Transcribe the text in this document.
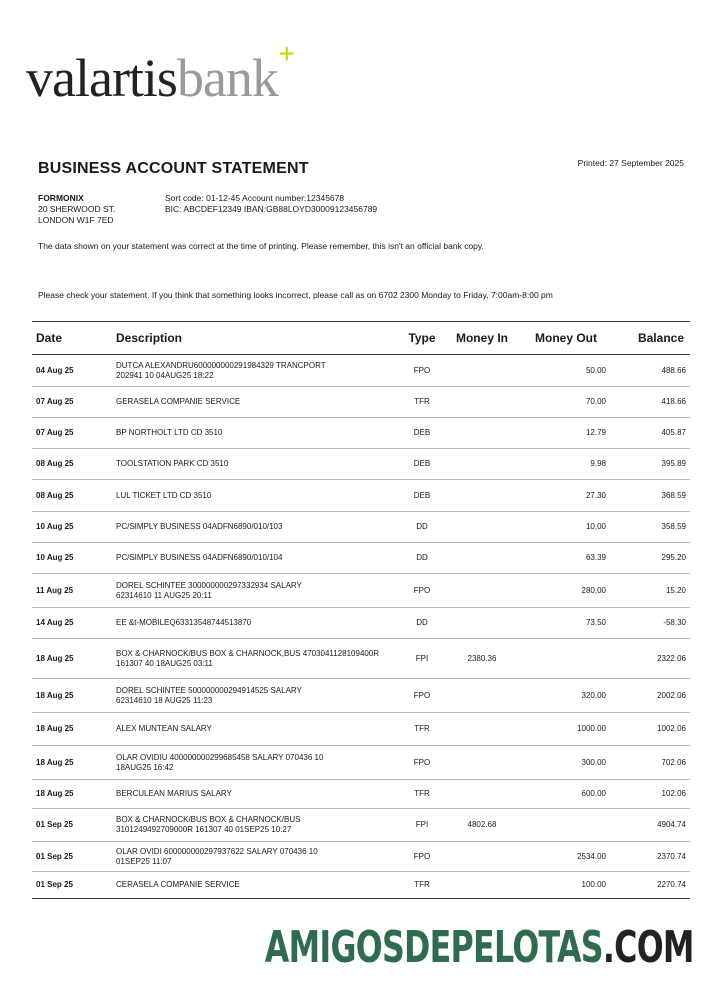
valartisbank +
BUSINESS ACCOUNT STATEMENT	Printed: 27 September 2025
FORMONIX
20 SHERWOOD ST.
LONDON W1F 7ED
Sort code: 01-12-45 Account number:12345678
BIC: ABCDEF12349 IBAN:GB88LOYD30009123456789
The data shown on your statement was correct at the time of printing. Please remember, this isn't an official bank copy.
Please check your statement. If you think that something looks incorrect, please call as on 6702 2300 Monday to Friday, 7:00am-8:00 pm
Date	Description	Type	Money In	Money Out	Balance
04 Aug 25	DUTCA ALEXANDRU600000000291984329 TRANCPORT
202941 10 04AUG25 18:22	FPO		50.00	488.66
07 Aug 25	GERASELA COMPANIE SERVICE	TFR		70.00	418.66
07 Aug 25	BP NORTHOLT LTD CD 3510	DEB		12.79	405.87
08 Aug 25	TOOLSTATION PARK CD 3510	DEB		9.98	395.89
08 Aug 25	LUL TICKET LTD CD 3510	DEB		27.30	368.59
10 Aug 25	PC/SIMPLY BUSINESS 04ADFN6890/010/103	DD		10.00	358.59
10 Aug 25	PC/SIMPLY BUSINESS 04ADFN6890/010/104	DD		63.39	295.20
11 Aug 25	DOREL SCHINTEE 300000000297332934 SALARY
62314610 11 AUG25 20:11	FPO		280.00	15.20
14 Aug 25	EE &t-MOBILEQ63313548744513870	DD		73.50	-58.30
18 Aug 25	BOX & CHARNOCK/BUS BOX & CHARNOCK,BUS 4703041128109400R
161307 40 18AUG25 03:11	FPI	2380.36		2322.06
18 Aug 25	DOREL SCHINTEE 500000000294914525 SALARY
62314610 18 AUG25 11:23	FPO		320.00	2002.06
18 Aug 25	ALEX MUNTEAN SALARY	TFR		1000.00	1002.06
18 Aug 25	OLAR OVIDIU 400000000299685458 SALARY 070436 10
18AUG25 16:42	FPO		300.00	702.06
18 Aug 25	BERCULEAN MARIUS SALARY	TFR		600.00	102.06
01 Sep 25	BOX & CHARNOCK/BUS BOX & CHARNOCK/BUS
3101249492709000R 161307 40 01SEP25 10:27	FPI	4802.68		4904.74
01 Sep 25	OLAR OVIDI 600000000297937622 SALARY 070436 10
01SEP25 11:07	FPO		2534.00	2370.74
01 Sep 25	CERASELA COMPANIE SERVICE	TFR		100.00	2270.74
AMIGOSDEPELOTAS.COM
